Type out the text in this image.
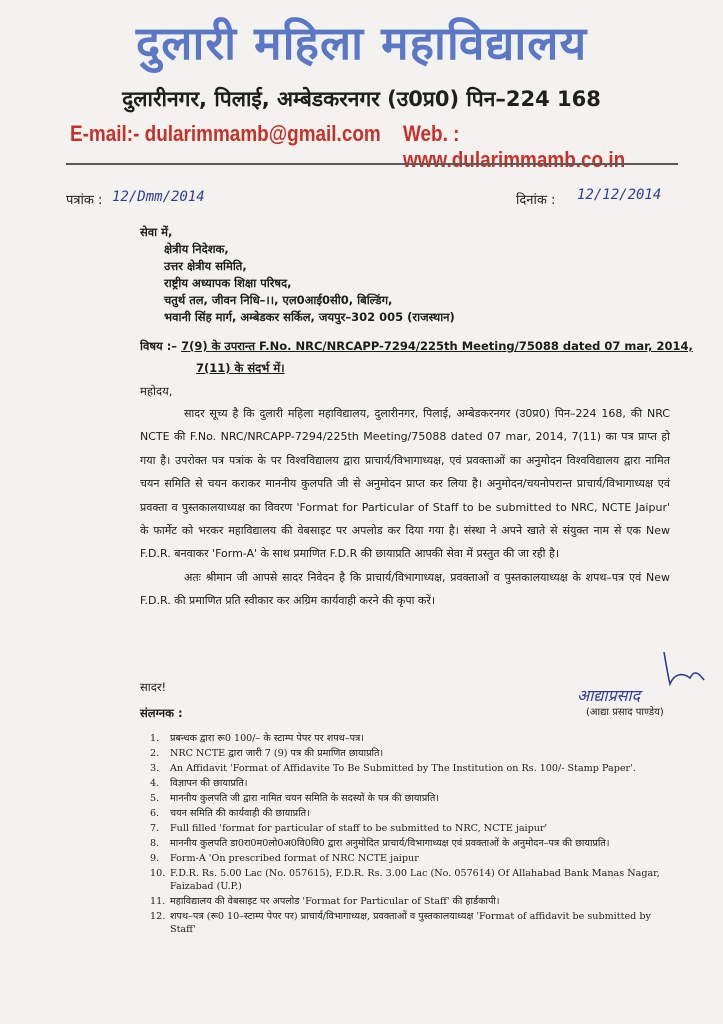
दुलारी महिला महाविद्यालय
दुलारीनगर, पिलाई, अम्बेडकरनगर (उ0प्र0) पिन–224 168
E-mail:- dularimmamb@gmail.com Web. : www.dularimmamb.co.in
पत्रांक : 12/Dmm/2014	दिनांक : 12/12/2014
सेवा में,
क्षेत्रीय निदेशक,
उत्तर क्षेत्रीय समिति,
राष्ट्रीय अध्यापक शिक्षा परिषद,
चतुर्थ तल, जीवन निधि–।।, एल0आई0सी0, बिल्डिंग,
भवानी सिंह मार्ग, अम्बेडकर सर्किल, जयपुर–302 005 (राजस्थान)
विषय :– 7(9) के उपरान्त F.No. NRC/NRCAPP-7294/225th Meeting/75088 dated 07 mar, 2014,
7(11) के संदर्भ में।
महोदय,

सादर सूच्य है कि दुलारी महिला महाविद्यालय, दुलारीनगर, पिलाई, अम्बेडकरनगर (उ0प्र0) पिन–224 168, की NRC NCTE की F.No. NRC/NRCAPP-7294/225th Meeting/75088 dated 07 mar, 2014, 7(11) का पत्र प्राप्त हो गया है। उपरोक्त पत्र पत्रांक के पर विश्वविद्यालय द्वारा प्राचार्य/विभागाध्यक्ष, एवं प्रवक्ताओं का अनुमोदन विश्वविद्यालय द्वारा नामित चयन समिति से चयन कराकर माननीय कुलपति जी से अनुमोदन प्राप्त कर लिया है। अनुमोदन/चयनोपरान्त प्राचार्य/विभागाध्यक्ष एवं प्रवक्ता व पुस्तकालयाध्यक्ष का विवरण 'Format for Particular of Staff to be submitted to NRC, NCTE Jaipur' के फार्मेट को भरकर महाविद्यालय की वेबसाइट पर अपलोड कर दिया गया है। संस्था ने अपने खाते से संयुक्त नाम से एक New F.D.R. बनवाकर 'Form-A' के साथ प्रमाणित F.D.R की छायाप्रति आपकी सेवा में प्रस्तुत की जा रही है।

अतः श्रीमान जी आपसे सादर निवेदन है कि प्राचार्य/विभागाध्यक्ष, प्रवक्ताओं व पुस्तकालयाध्यक्ष के शपथ–पत्र एवं New F.D.R. की प्रमाणित प्रति स्वीकार कर अग्रिम कार्यवाही करने की कृपा करें।

सादर!	आद्याप्रसाद
(आद्या प्रसाद पाण्डेय)
संलग्नक :
1. प्रबन्धक द्वारा रू0 100/– के स्टाम्प पेपर पर शपथ–पत्र।
2. NRC NCTE द्वारा जारी 7 (9) पत्र की प्रमाणित छायाप्रति।
3. An Affidavit 'Format of Affidavite To Be Submitted by The Institution on Rs. 100/- Stamp Paper'.
4. विज्ञापन की छायाप्रति।
5. माननीय कुलपति जी द्वारा नामित चयन समिति के सदस्यों के पत्र की छायाप्रति।
6. चयन समिति की कार्यवाही की छायाप्रति।
7. Full filled 'format for particular of staff to be submitted to NRC, NCTE jaipur'
8. माननीय कुलपति डा0रा0म0लो0अ0वि0वि0 द्वारा अनुमोदित प्राचार्य/विभागाध्यक्ष एवं प्रवक्ताओं के अनुमोदन–पत्र की छायाप्रति।
9. Form-A 'On prescribed format of NRC NCTE jaipur
10. F.D.R. Rs. 5.00 Lac (No. 057615), F.D.R. Rs. 3.00 Lac (No. 057614) Of Allahabad Bank Manas Nagar, Faizabad (U.P.)
11. महाविद्यालय की वेबसाइट पर अपलोड 'Format for Particular of Staff' की हार्डकापी।
12. शपथ–पत्र (रू0 10–स्टाम्प पेपर पर) प्राचार्य/विभागाध्यक्ष, प्रवक्ताओं व पुस्तकालयाध्यक्ष 'Format of affidavit be submitted by Staff'
